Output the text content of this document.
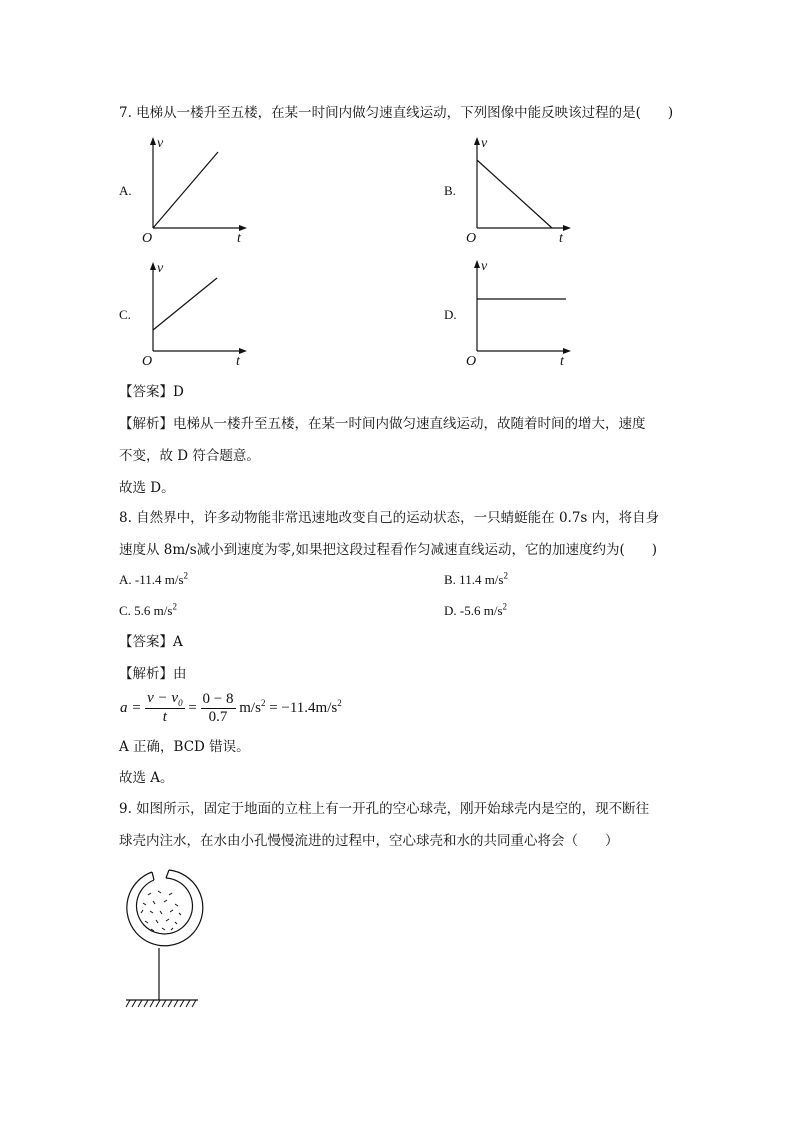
7. 电梯从一楼升至五楼，在某一时间内做匀速直线运动，下列图像中能反映该过程的是(　　)
A.
v
t
O
B.
v
t
O
C.
v
t
O
D.
v
t
O
【答案】D
【解析】电梯从一楼升至五楼，在某一时间内做匀速直线运动，故随着时间的增大，速度
不变，故 D 符合题意。
故选 D。
8. 自然界中，许多动物能非常迅速地改变自己的运动状态，一只蜻蜓能在 0.7s 内，将自身
速度从 8m/s减小到速度为零,如果把这段过程看作匀减速直线运动，它的加速度约为(　　)
A. -11.4 $m/s^2$	B. 11.4 $m/s^2$
C. 5.6 $m/s^2$	D. -5.6 $m/s^2$
【答案】A
【解析】由
$a = \frac{v - v_0}{t} = \frac{0 - 8}{0.7} m/s^2 = -11.4m/s^2$
A 正确，BCD 错误。
故选 A。
9. 如图所示，固定于地面的立柱上有一开孔的空心球壳，刚开始球壳内是空的，现不断往
球壳内注水，在水由小孔慢慢流进的过程中，空心球壳和水的共同重心将会（　　）
